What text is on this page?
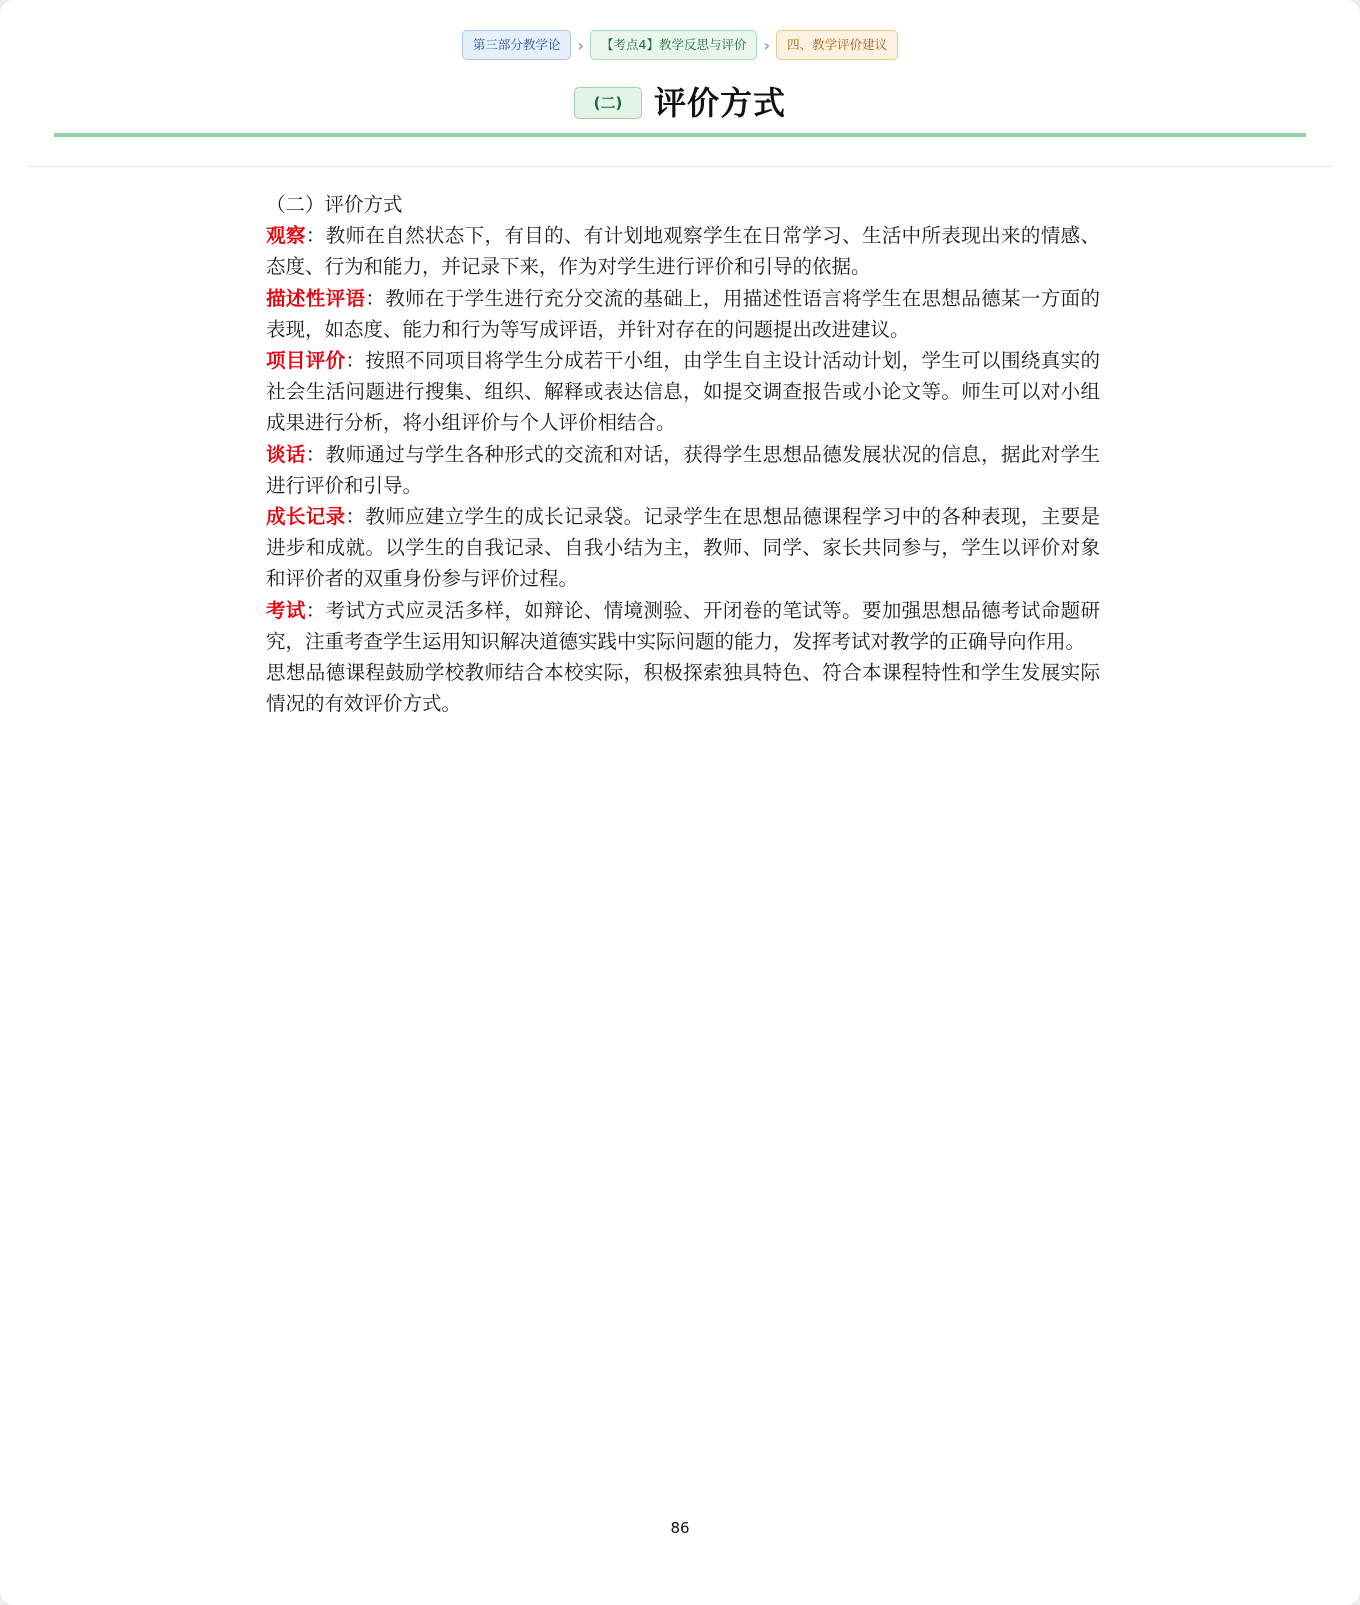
第三部分教学论	›	【考点4】教学反思与评价	›	四、教学评价建议
(二) 评价方式

（二）评价方式

观察：教师在自然状态下，有目的、有计划地观察学生在日常学习、生活中所表现出来的情感、态度、行为和能力，并记录下来，作为对学生进行评价和引导的依据。

描述性评语：教师在于学生进行充分交流的基础上，用描述性语言将学生在思想品德某一方面的表现，如态度、能力和行为等写成评语，并针对存在的问题提出改进建议。

项目评价：按照不同项目将学生分成若干小组，由学生自主设计活动计划，学生可以围绕真实的社会生活问题进行搜集、组织、解释或表达信息，如提交调查报告或小论文等。师生可以对小组成果进行分析，将小组评价与个人评价相结合。

谈话：教师通过与学生各种形式的交流和对话，获得学生思想品德发展状况的信息，据此对学生进行评价和引导。

成长记录：教师应建立学生的成长记录袋。记录学生在思想品德课程学习中的各种表现，主要是进步和成就。以学生的自我记录、自我小结为主，教师、同学、家长共同参与，学生以评价对象和评价者的双重身份参与评价过程。

考试：考试方式应灵活多样，如辩论、情境测验、开闭卷的笔试等。要加强思想品德考试命题研究，注重考查学生运用知识解决道德实践中实际问题的能力，发挥考试对教学的正确导向作用。

思想品德课程鼓励学校教师结合本校实际，积极探索独具特色、符合本课程特性和学生发展实际情况的有效评价方式。

86
